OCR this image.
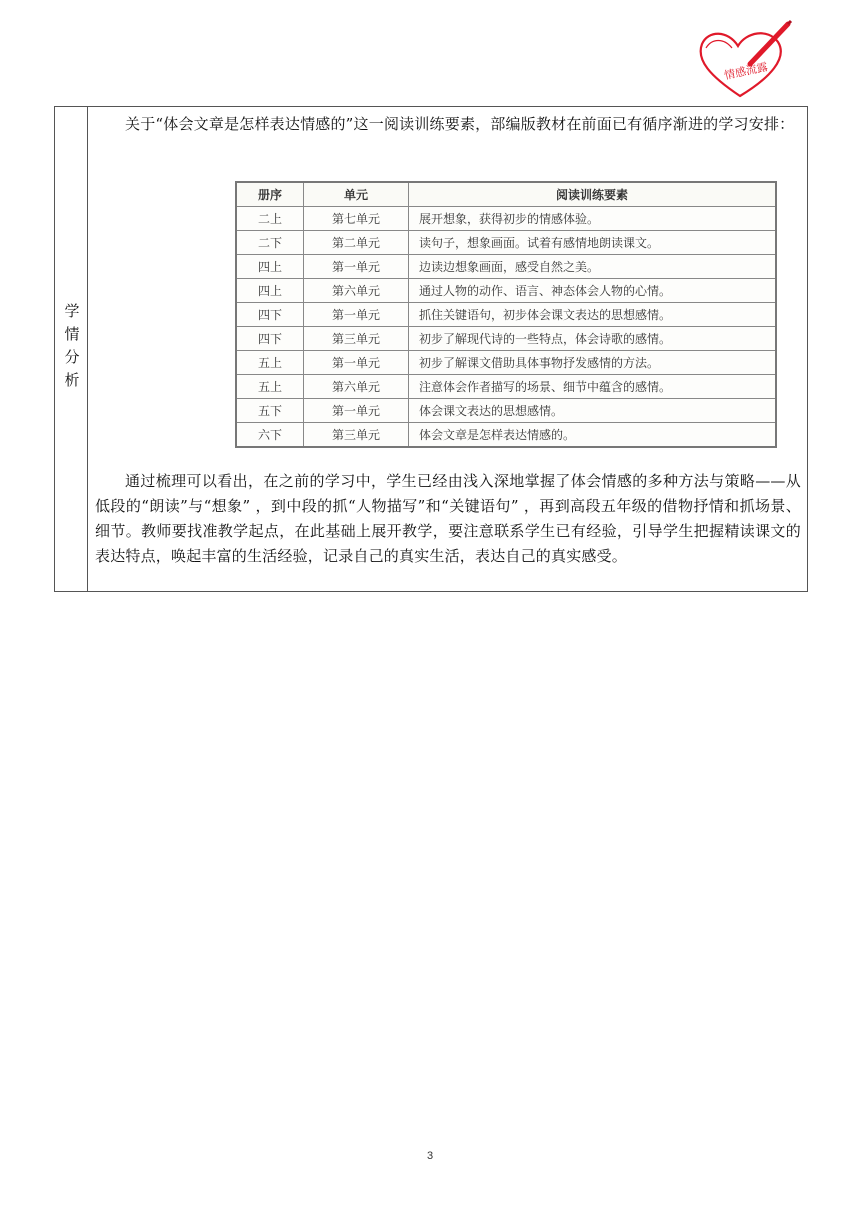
情感流露
学情分析

关于“体会文章是怎样表达情感的”这一阅读训练要素，部编版教材在前面已有循序渐进的学习安排：

册序	单元	阅读训练要素
二上	第七单元	展开想象，获得初步的情感体验。
二下	第二单元	读句子，想象画面。试着有感情地朗读课文。
四上	第一单元	边读边想象画面，感受自然之美。
四上	第六单元	通过人物的动作、语言、神态体会人物的心情。
四下	第一单元	抓住关键语句，初步体会课文表达的思想感情。
四下	第三单元	初步了解现代诗的一些特点，体会诗歌的感情。
五上	第一单元	初步了解课文借助具体事物抒发感情的方法。
五上	第六单元	注意体会作者描写的场景、细节中蕴含的感情。
五下	第一单元	体会课文表达的思想感情。
六下	第三单元	体会文章是怎样表达情感的。

通过梳理可以看出，在之前的学习中，学生已经由浅入深地掌握了体会情感的多种方法与策略——从低段的“朗读”与“想象” ，到中段的抓“人物描写”和“关键语句” ，再到高段五年级的借物抒情和抓场景、细节。教师要找准教学起点，在此基础上展开教学，要注意联系学生已有经验，引导学生把握精读课文的表达特点，唤起丰富的生活经验，记录自己的真实生活，表达自己的真实感受。

3
